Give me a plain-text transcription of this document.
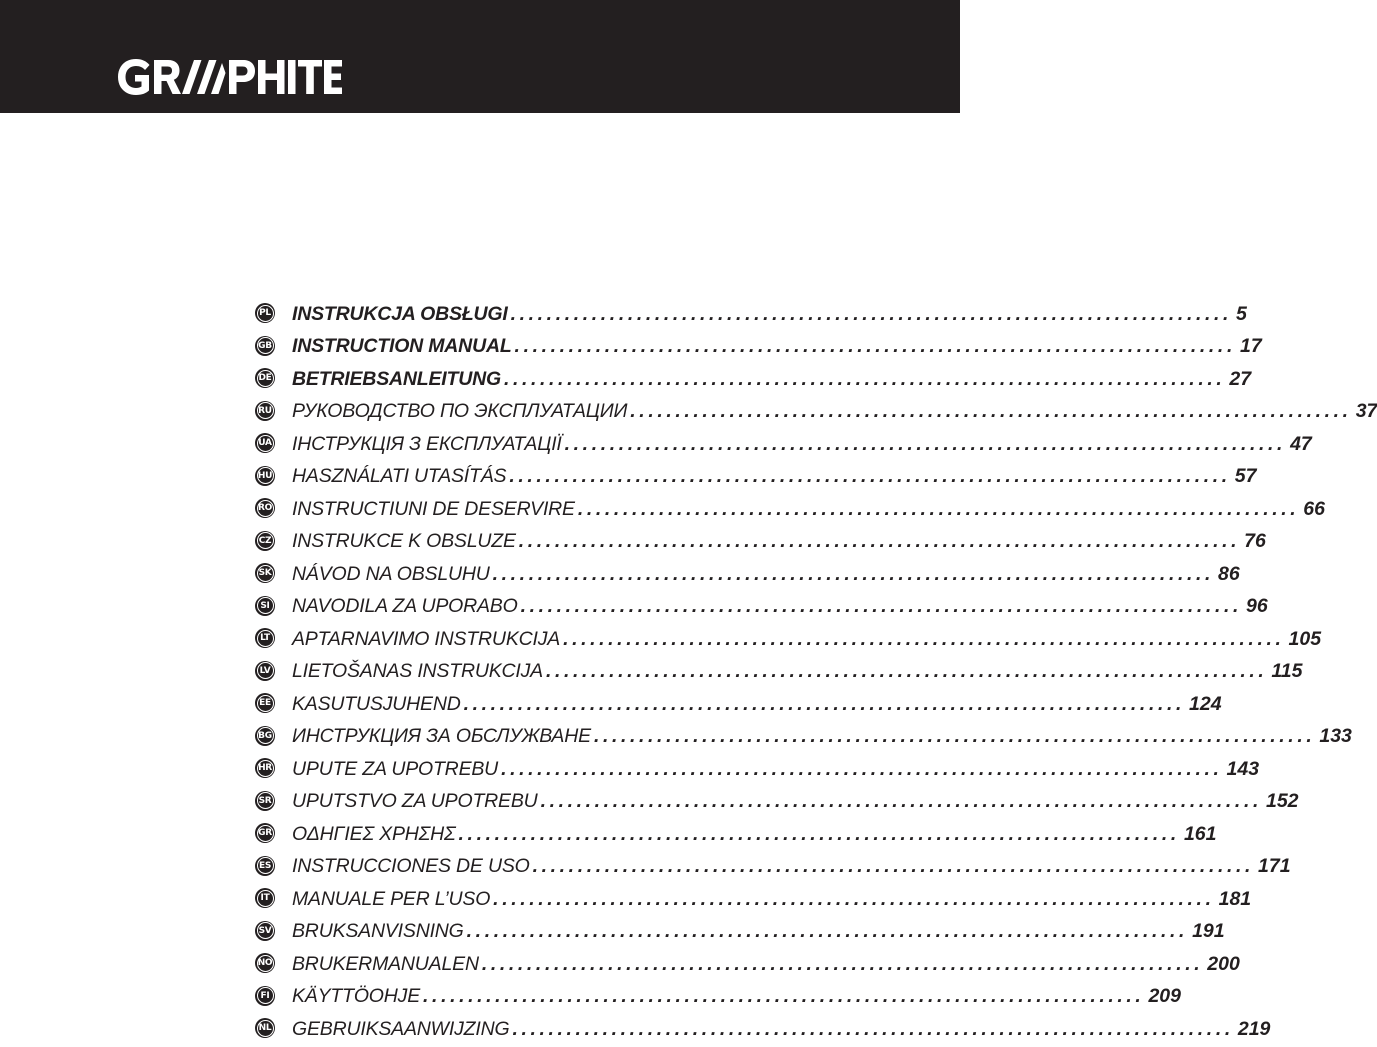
PL INSTRUKCJA OBSŁUGI ................................................................................ 5
GB INSTRUCTION MANUAL ................................................................................ 17
DE BETRIEBSANLEITUNG ................................................................................ 27
RU РУКОВОДСТВО ПО ЭКСПЛУАТАЦИИ ................................................................................ 37
UA ІНСТРУКЦІЯ З ЕКСПЛУАТАЦІЇ ................................................................................ 47
HU HASZNÁLATI UTASÍTÁS ................................................................................ 57
RO INSTRUCTIUNI DE DESERVIRE ................................................................................ 66
CZ INSTRUKCE K OBSLUZE ................................................................................ 76
SK NÁVOD NA OBSLUHU ................................................................................ 86
SI NAVODILA ZA UPORABO ................................................................................ 96
LT APTARNAVIMO INSTRUKCIJA ................................................................................ 105
LV LIETOŠANAS INSTRUKCIJA ................................................................................ 115
EE KASUTUSJUHEND ................................................................................ 124
BG ИНСТРУКЦИЯ ЗА ОБСЛУЖВАНЕ ................................................................................ 133
HR UPUTE ZA UPOTREBU ................................................................................ 143
SR UPUTSTVO ZA UPOTREBU ................................................................................ 152
GR ΟΔΗΓΙΕΣ ΧΡΗΣΗΣ ................................................................................ 161
ES INSTRUCCIONES DE USO ................................................................................ 171
IT MANUALE PER L’USO ................................................................................ 181
SV BRUKSANVISNING ................................................................................ 191
NO BRUKERMANUALEN ................................................................................ 200
FI KÄYTTÖOHJE ................................................................................ 209
NL GEBRUIKSAANWIJZING ................................................................................ 219
